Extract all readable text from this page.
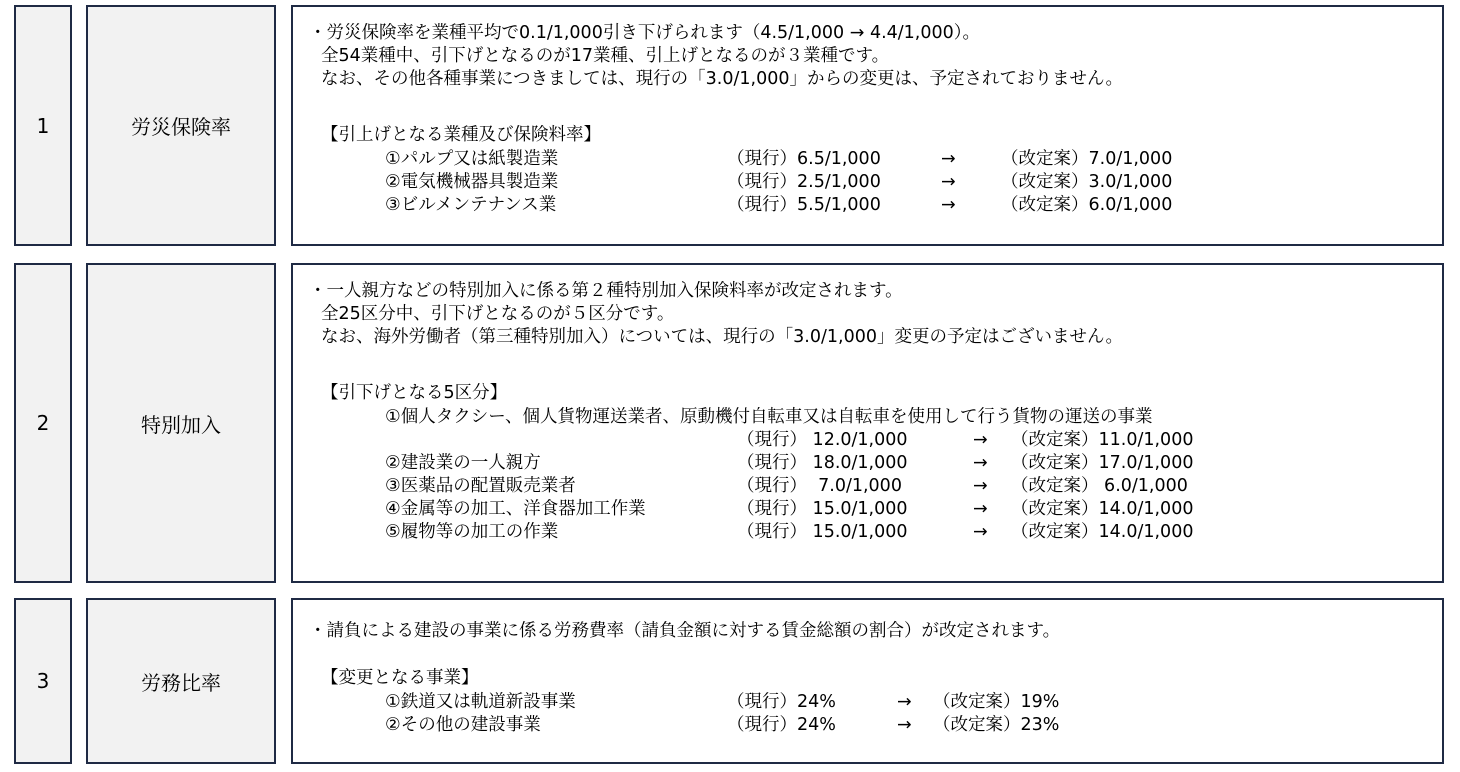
1	労災保険率
・労災保険率を業種平均で0.1/1,000引き下げられます（4.5/1,000 → 4.4/1,000）。
全54業種中、引下げとなるのが17業種、引上げとなるのが３業種です。
なお、その他各種事業につきましては、現行の「3.0/1,000」からの変更は、予定されておりません。
【引上げとなる業種及び保険料率】
①パルプ又は紙製造業	（現行）6.5/1,000	→	（改定案）7.0/1,000
②電気機械器具製造業	（現行）2.5/1,000	→	（改定案）3.0/1,000
③ビルメンテナンス業	（現行）5.5/1,000	→	（改定案）6.0/1,000
2	特別加入
・一人親方などの特別加入に係る第２種特別加入保険料率が改定されます。
全25区分中、引下げとなるのが５区分です。
なお、海外労働者（第三種特別加入）については、現行の「3.0/1,000」変更の予定はございません。
【引下げとなる5区分】
①個人タクシー、個人貨物運送業者、原動機付自転車又は自転車を使用して行う貨物の運送の事業
（現行） 12.0/1,000	→ （改定案）11.0/1,000
②建設業の一人親方	（現行） 18.0/1,000	→ （改定案）17.0/1,000
③医薬品の配置販売業者	（現行）  7.0/1,000	→ （改定案） 6.0/1,000
④金属等の加工、洋食器加工作業	（現行） 15.0/1,000	→ （改定案）14.0/1,000
⑤履物等の加工の作業	（現行） 15.0/1,000	→ （改定案）14.0/1,000
3	労務比率
・請負による建設の事業に係る労務費率（請負金額に対する賃金総額の割合）が改定されます。
【変更となる事業】
①鉄道又は軌道新設事業	（現行）24%	→ （改定案）19%
②その他の建設事業	（現行）24%	→ （改定案）23%
